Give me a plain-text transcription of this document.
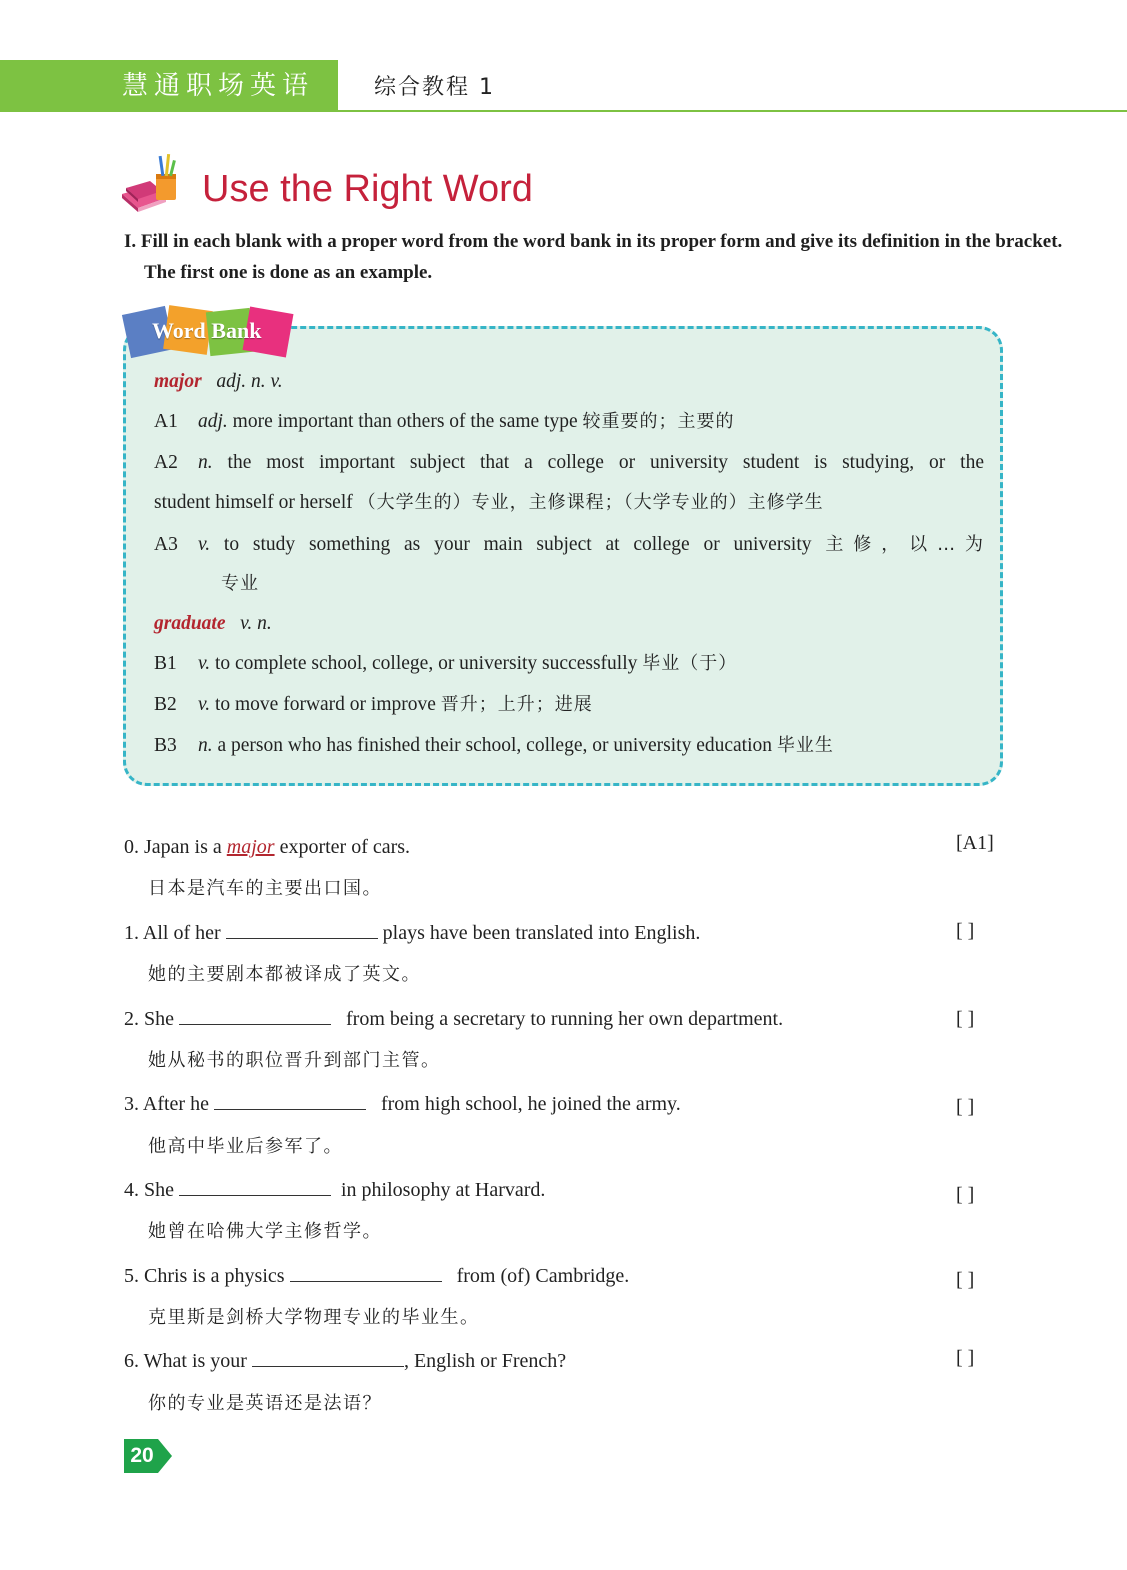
慧通职场英语	综合教程 1
Use the Right Word

I. Fill in each blank with a proper word from the word bank in its proper form and give its definition in the bracket. The first one is done as an example.

Word Bank
major adj. n. v.
A1 adj. more important than others of the same type 较重要的；主要的
A2 n. the most important subject that a college or university student is studying, or the
student himself or herself （大学生的）专业，主修课程；（大学专业的）主修学生
A3 v. to study something as your main subject at college or university 主修，以…为
专业
graduate v. n.
B1 v. to complete school, college, or university successfully 毕业（于）
B2 v. to move forward or improve 晋升；上升；进展
B3 n. a person who has finished their school, college, or university education 毕业生
0. Japan is a major exporter of cars.	[A1]
日本是汽车的主要出口国。
1. All of her	plays have been translated into English.	[ ]
她的主要剧本都被译成了英文。
2. She	from being a secretary to running her own department.	[ ]
她从秘书的职位晋升到部门主管。
3. After he	from high school, he joined the army.	[ ]
他高中毕业后参军了。
4. She	in philosophy at Harvard.	[ ]
她曾在哈佛大学主修哲学。
5. Chris is a physics	from (of) Cambridge.	[ ]
克里斯是剑桥大学物理专业的毕业生。
6. What is your	, English or French?	[ ]
你的专业是英语还是法语？
20
